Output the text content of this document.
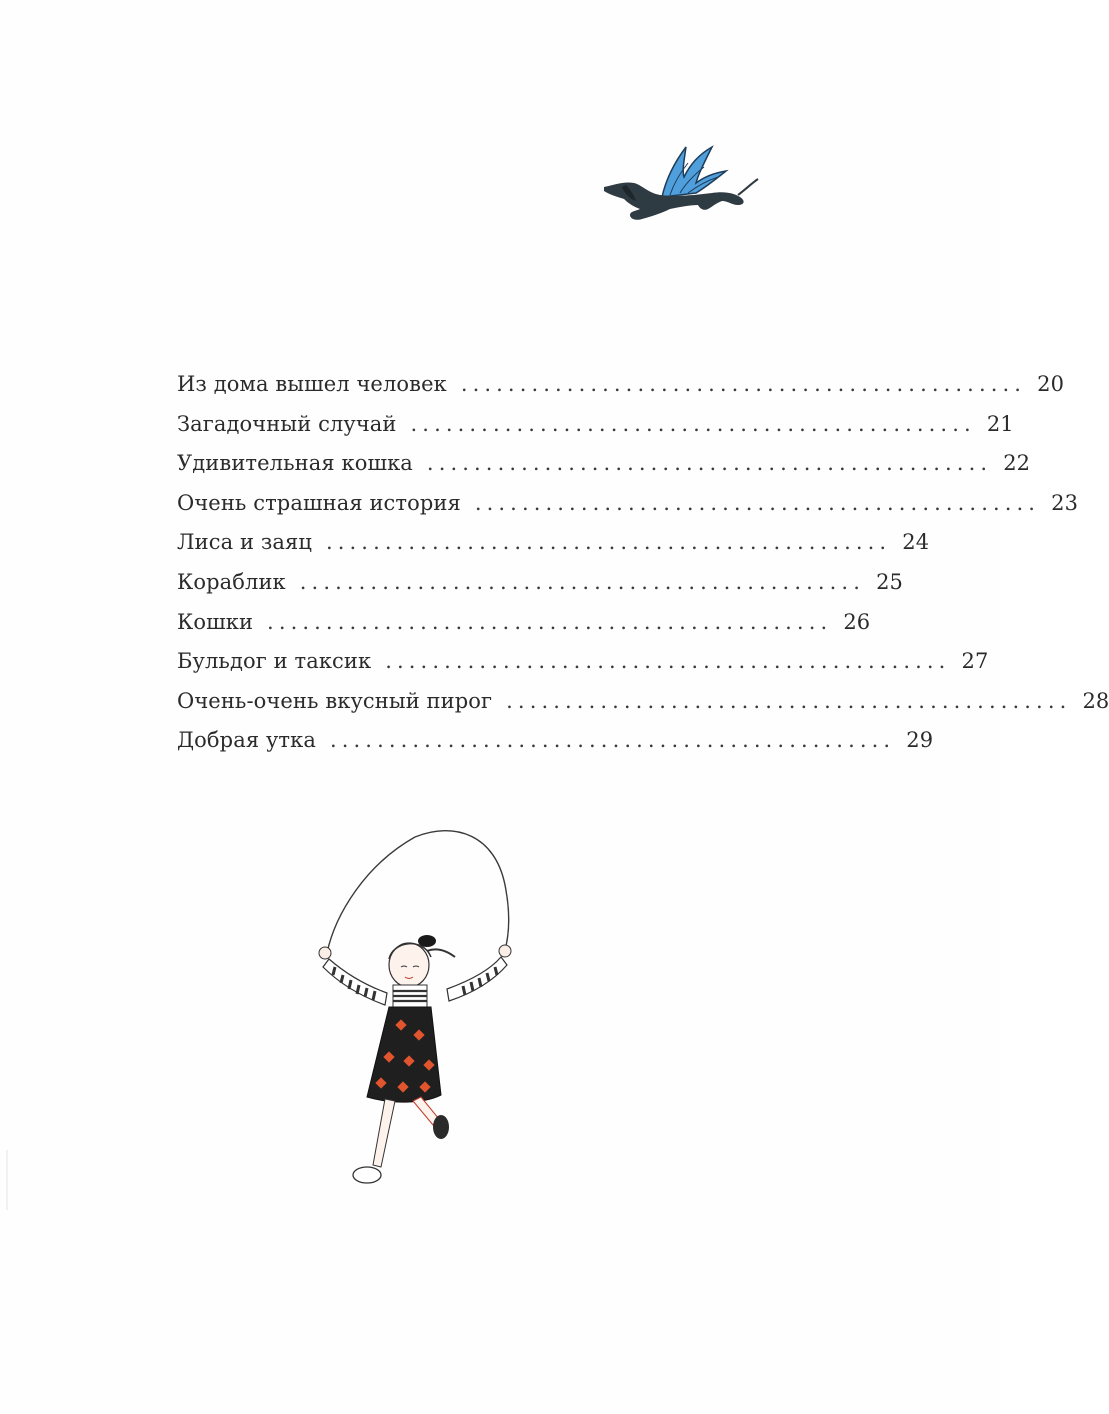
Из дома вышел человек ................................................ 20
Загадочный случай ................................................ 21
Удивительная кошка ................................................ 22
Очень страшная история ................................................ 23
Лиса и заяц ................................................ 24
Кораблик ................................................ 25
Кошки ................................................ 26
Бульдог и таксик ................................................ 27
Очень-очень вкусный пирог ................................................ 28
Добрая утка ................................................ 29
